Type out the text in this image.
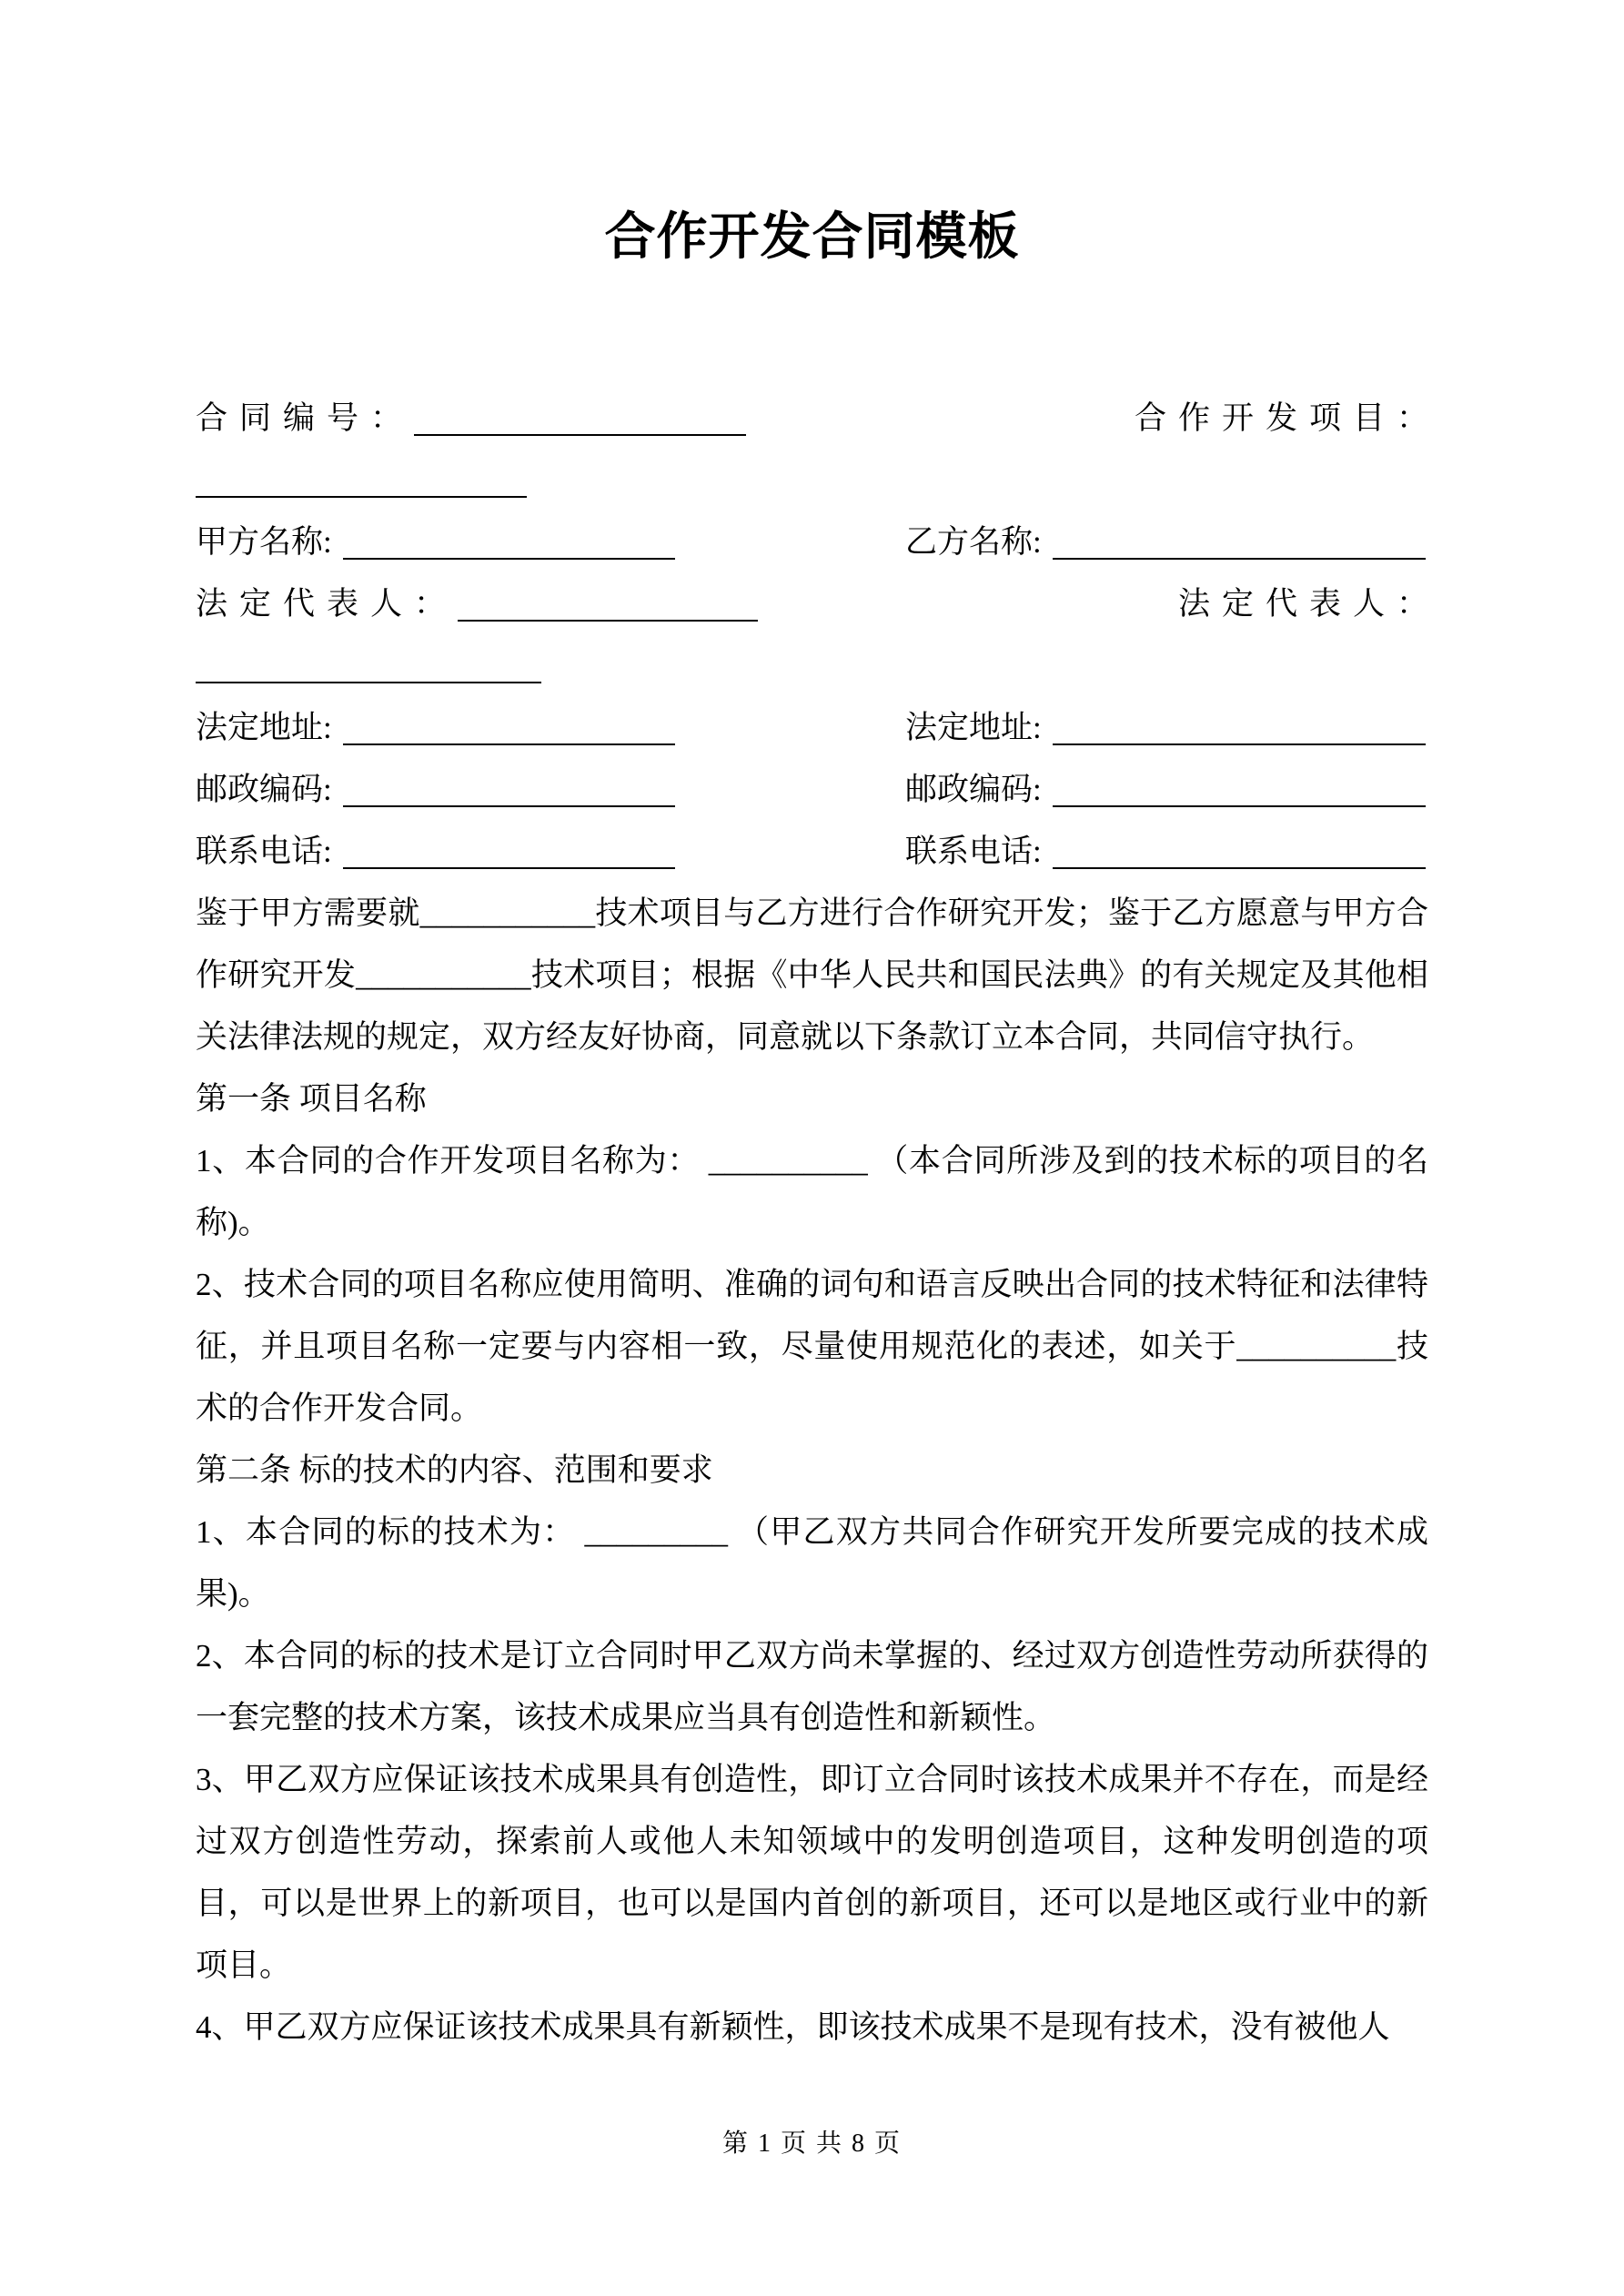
合作开发合同模板
合同编号：	合作开发项目：
甲方名称:	乙方名称:
法定代表人：	法定代表人：
法定地址:	法定地址:
邮政编码:	邮政编码:
联系电话:	联系电话:

鉴于甲方需要就___________技术项目与乙方进行合作研究开发；鉴于乙方愿意与甲方合作研究开发___________技术项目；根据《中华人民共和国民法典》的有关规定及其他相关法律法规的规定，双方经友好协商，同意就以下条款订立本合同，共同信守执行。

第一条 项目名称

1、本合同的合作开发项目名称为： __________ （本合同所涉及到的技术标的项目的名称)。

2、技术合同的项目名称应使用简明、准确的词句和语言反映出合同的技术特征和法律特征，并且项目名称一定要与内容相一致，尽量使用规范化的表述，如关于__________技术的合作开发合同。

第二条 标的技术的内容、范围和要求

1、本合同的标的技术为： _________ （甲乙双方共同合作研究开发所要完成的技术成果)。

2、本合同的标的技术是订立合同时甲乙双方尚未掌握的、经过双方创造性劳动所获得的一套完整的技术方案，该技术成果应当具有创造性和新颖性。

3、甲乙双方应保证该技术成果具有创造性，即订立合同时该技术成果并不存在，而是经过双方创造性劳动，探索前人或他人未知领域中的发明创造项目，这种发明创造的项目，可以是世界上的新项目，也可以是国内首创的新项目，还可以是地区或行业中的新项目。

4、甲乙双方应保证该技术成果具有新颖性，即该技术成果不是现有技术，没有被他人

第 1 页 共 8 页
